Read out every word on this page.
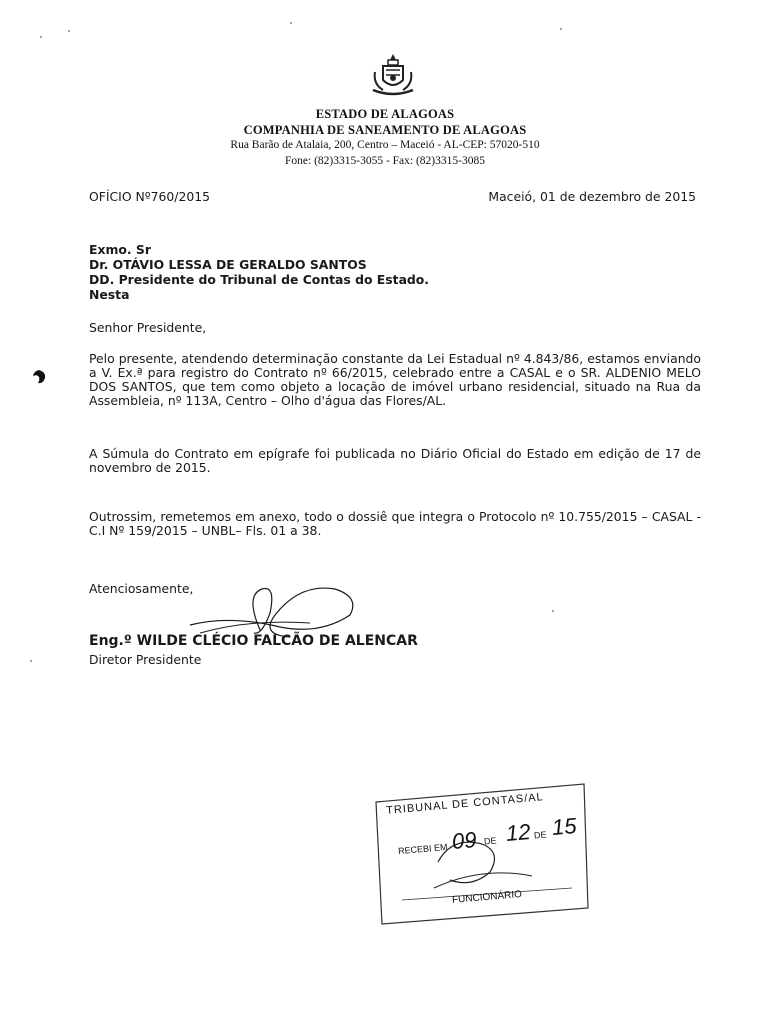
ESTADO DE ALAGOAS
COMPANHIA DE SANEAMENTO DE ALAGOAS
Rua Barão de Atalaia, 200, Centro – Maceió - AL-CEP: 57020-510
Fone: (82)3315-3055 - Fax: (82)3315-3085
OFÍCIO Nº760/2015	Maceió, 01 de dezembro de 2015
Exmo. Sr
Dr. OTÁVIO LESSA DE GERALDO SANTOS
DD. Presidente do Tribunal de Contas do Estado.
Nesta
Senhor Presidente,
Pelo presente, atendendo determinação constante da Lei Estadual nº 4.843/86, estamos enviando a V. Ex.ª para registro do Contrato nº 66/2015, celebrado entre a CASAL e o SR. ALDENIO MELO DOS SANTOS, que tem como objeto a locação de imóvel urbano residencial, situado na Rua da Assembleia, nº 113A, Centro – Olho d'água das Flores/AL.
A Súmula do Contrato em epígrafe foi publicada no Diário Oficial do Estado em edição de 17 de novembro de 2015.
Outrossim, remetemos em anexo, todo o dossiê que integra o Protocolo nº 10.755/2015 – CASAL - C.I Nº 159/2015 – UNBL– Fls. 01 a 38.
Atenciosamente,
Eng.º WILDE CLÉCIO FALCÃO DE ALENCAR
Diretor Presidente
TRIBUNAL DE CONTAS/AL
RECEBI EM 09 DE 12 DE 15
FUNCIONÁRIO
